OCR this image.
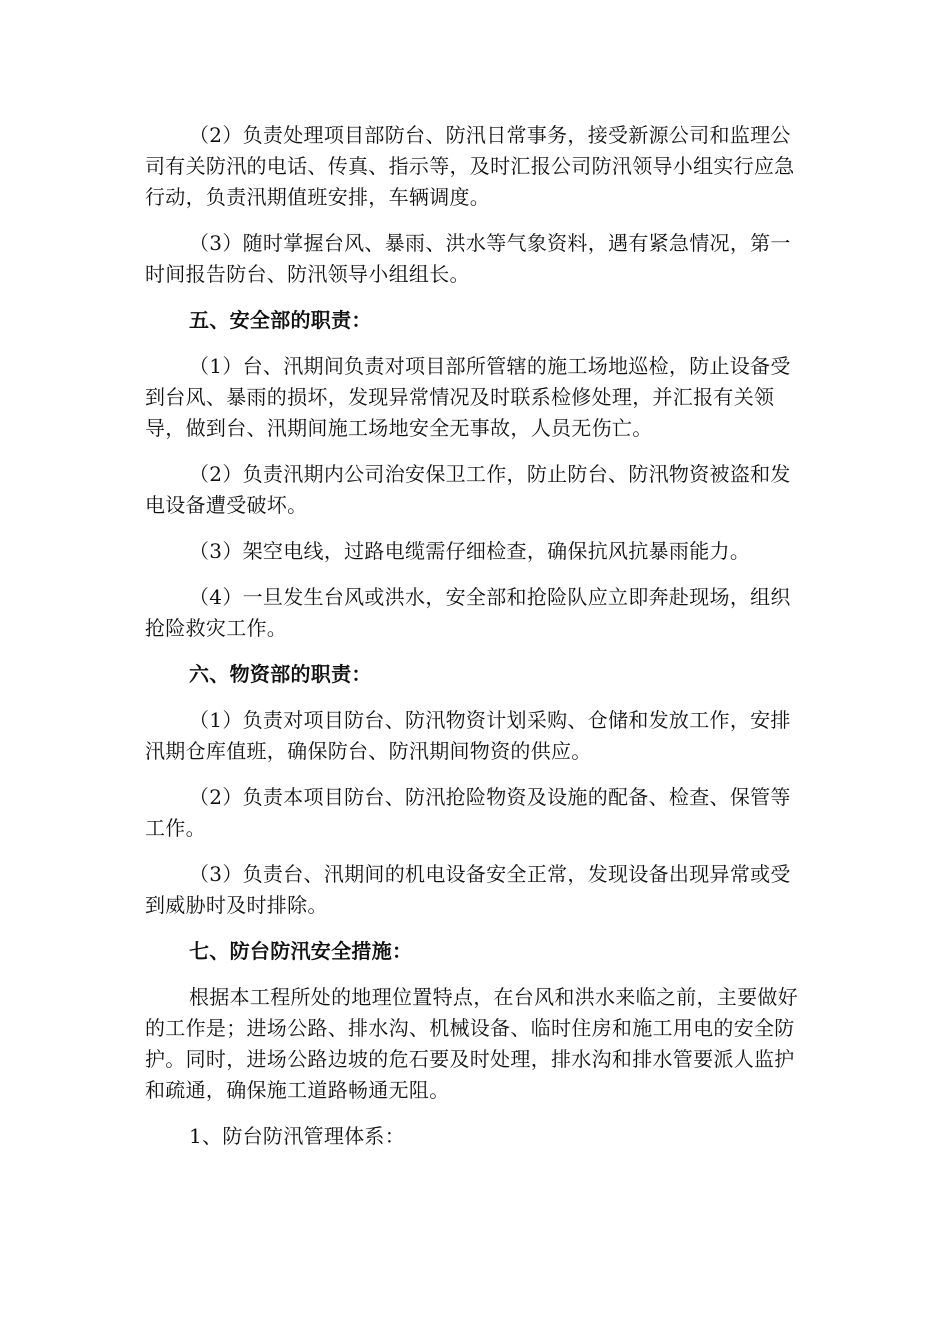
（2）负责处理项目部防台、防汛日常事务，接受新源公司和监理公司有关防汛的电话、传真、指示等，及时汇报公司防汛领导小组实行应急行动，负责汛期值班安排，车辆调度。

（3）随时掌握台风、暴雨、洪水等气象资料，遇有紧急情况，第一时间报告防台、防汛领导小组组长。

五、安全部的职责：

（1）台、汛期间负责对项目部所管辖的施工场地巡检，防止设备受到台风、暴雨的损坏，发现异常情况及时联系检修处理，并汇报有关领导，做到台、汛期间施工场地安全无事故，人员无伤亡。

（2）负责汛期内公司治安保卫工作，防止防台、防汛物资被盗和发电设备遭受破坏。

（3）架空电线，过路电缆需仔细检查，确保抗风抗暴雨能力。

（4）一旦发生台风或洪水，安全部和抢险队应立即奔赴现场，组织抢险救灾工作。

六、物资部的职责：

（1）负责对项目防台、防汛物资计划采购、仓储和发放工作，安排汛期仓库值班，确保防台、防汛期间物资的供应。

（2）负责本项目防台、防汛抢险物资及设施的配备、检查、保管等工作。

（3）负责台、汛期间的机电设备安全正常，发现设备出现异常或受到威胁时及时排除。

七、防台防汛安全措施：

根据本工程所处的地理位置特点，在台风和洪水来临之前，主要做好的工作是；进场公路、排水沟、机械设备、临时住房和施工用电的安全防护。同时，进场公路边坡的危石要及时处理，排水沟和排水管要派人监护和疏通，确保施工道路畅通无阻。

1、防台防汛管理体系：
